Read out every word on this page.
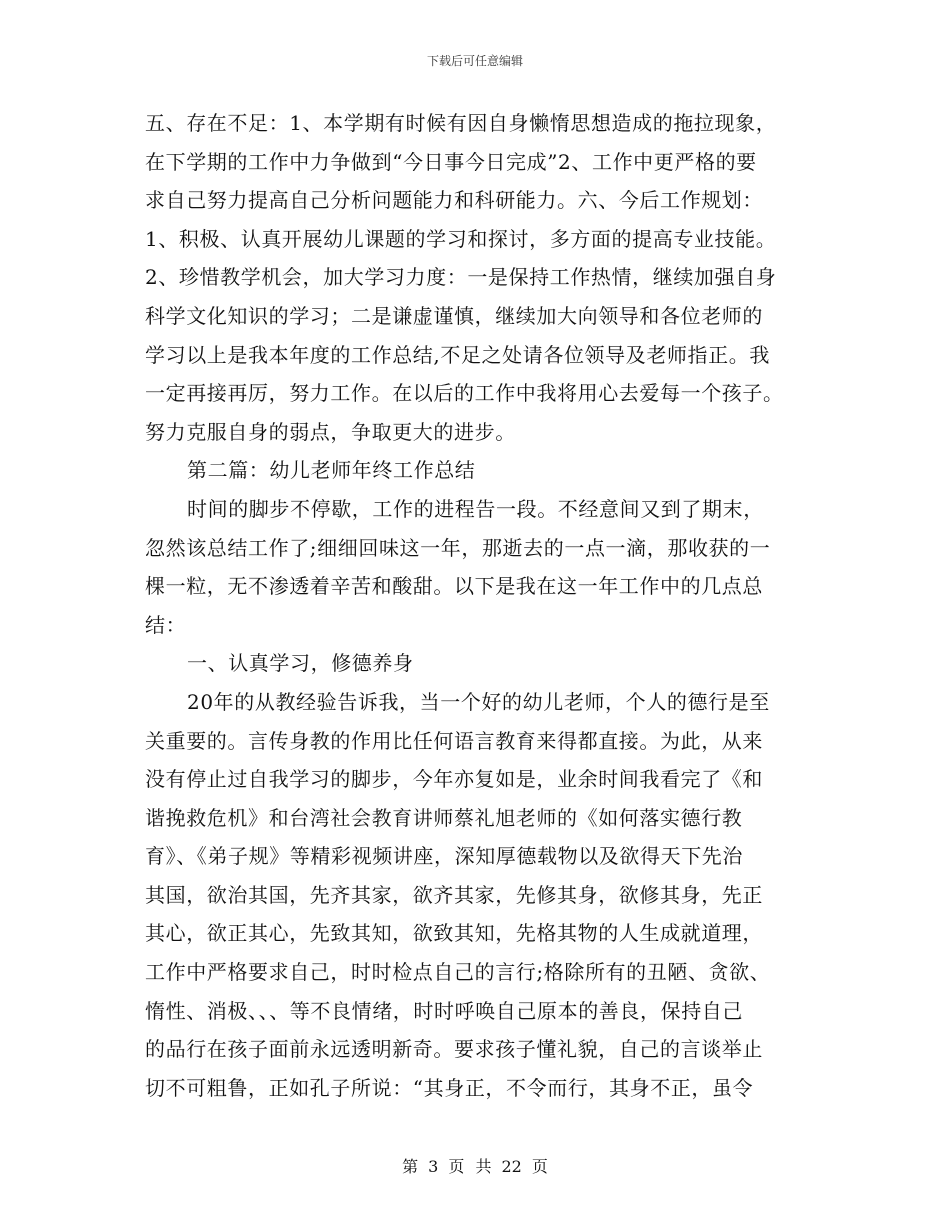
下载后可任意编辑
五、存在不足：1、本学期有时候有因自身懒惰思想造成的拖拉现象，
在下学期的工作中力争做到“今日事今日完成”2、工作中更严格的要
求自己努力提高自己分析问题能力和科研能力。六、今后工作规划：
1、积极、认真开展幼儿课题的学习和探讨，多方面的提高专业技能。
2、珍惜教学机会，加大学习力度：一是保持工作热情，继续加强自身
科学文化知识的学习；二是谦虚谨慎，继续加大向领导和各位老师的
学习以上是我本年度的工作总结,不足之处请各位领导及老师指正。我
一定再接再厉，努力工作。在以后的工作中我将用心去爱每一个孩子。
努力克服自身的弱点，争取更大的进步。
第二篇：幼儿老师年终工作总结
时间的脚步不停歇，工作的进程告一段。不经意间又到了期末，
忽然该总结工作了;细细回味这一年，那逝去的一点一滴，那收获的一
棵一粒，无不渗透着辛苦和酸甜。以下是我在这一年工作中的几点总
结：
一、认真学习，修德养身
20年的从教经验告诉我，当一个好的幼儿老师，个人的德行是至
关重要的。言传身教的作用比任何语言教育来得都直接。为此，从来
没有停止过自我学习的脚步，今年亦复如是，业余时间我看完了《和
谐挽救危机》和台湾社会教育讲师蔡礼旭老师的《如何落实德行教
育》、《弟子规》等精彩视频讲座，深知厚德载物以及欲得天下先治
其国，欲治其国，先齐其家，欲齐其家，先修其身，欲修其身，先正
其心，欲正其心，先致其知，欲致其知，先格其物的人生成就道理，
工作中严格要求自己，时时检点自己的言行;格除所有的丑陋、贪欲、
惰性、消极、、、等不良情绪，时时呼唤自己原本的善良，保持自己
的品行在孩子面前永远透明新奇。要求孩子懂礼貌，自己的言谈举止
切不可粗鲁，正如孔子所说：“其身正，不令而行，其身不正，虽令
第 3 页 共 22 页
